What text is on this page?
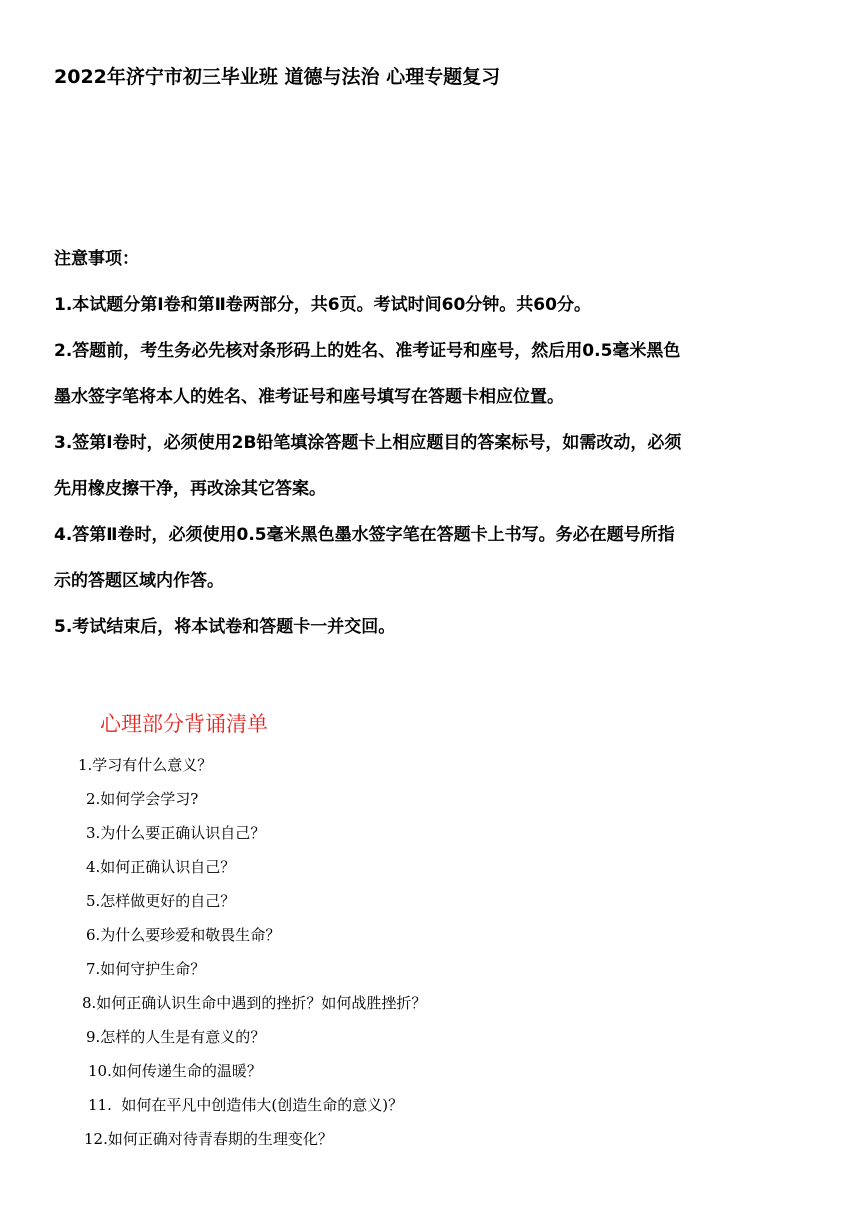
2022年济宁市初三毕业班 道德与法治 心理专题复习
注意事项：
1.本试题分第Ⅰ卷和第Ⅱ卷两部分，共6页。考试时间60分钟。共60分。
2.答题前，考生务必先核对条形码上的姓名、准考证号和座号，然后用0.5毫米黑色
墨水签字笔将本人的姓名、准考证号和座号填写在答题卡相应位置。
3.签第Ⅰ卷时，必须使用2B铅笔填涂答题卡上相应题目的答案标号，如需改动，必须
先用橡皮擦干净，再改涂其它答案。
4.答第Ⅱ卷时，必须使用0.5毫米黑色墨水签字笔在答题卡上书写。务必在题号所指
示的答题区域内作答。
5.考试结束后，将本试卷和答题卡一并交回。
心理部分背诵清单
1.学习有什么意义？
2.如何学会学习?
3.为什么要正确认识自己？
4.如何正确认识自己？
5.怎样做更好的自己？
6.为什么要珍爱和敬畏生命？
7.如何守护生命？
8.如何正确认识生命中遇到的挫折？如何战胜挫折？
9.怎样的人生是有意义的？
10.如何传递生命的温暖？
11.  如何在平凡中创造伟大(创造生命的意义)？
12.如何正确对待青春期的生理变化？
